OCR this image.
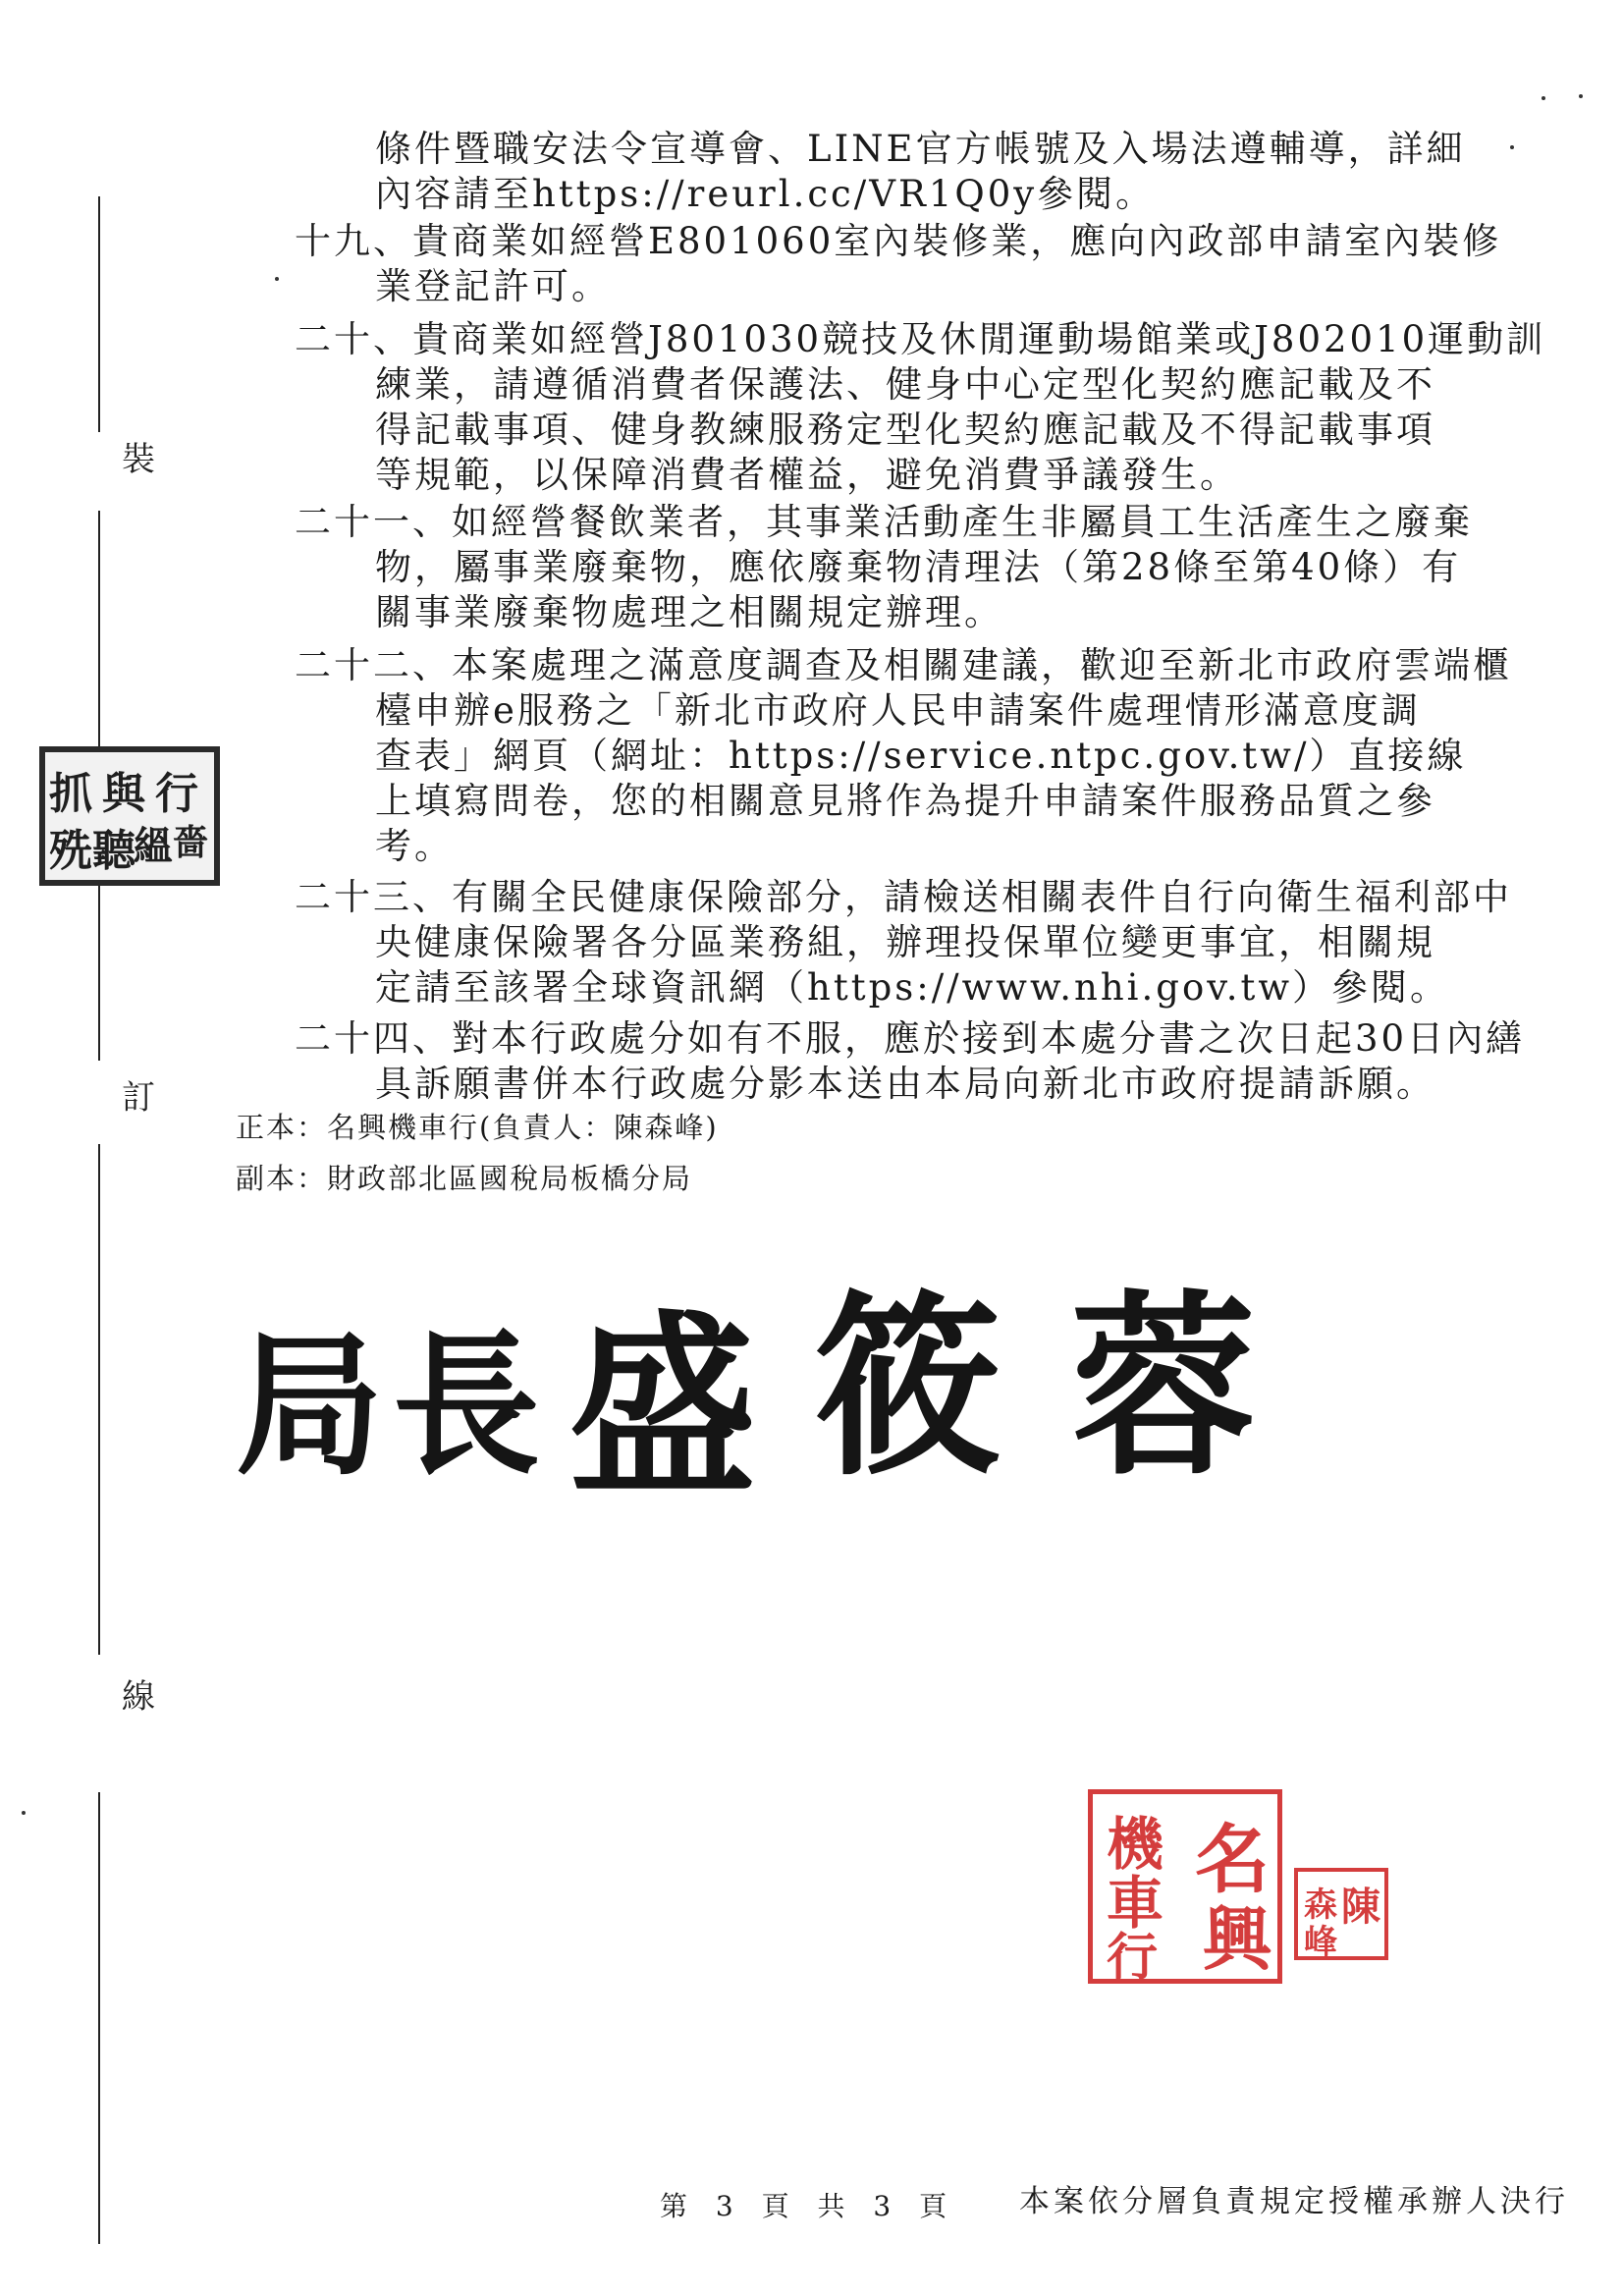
裝
訂
線
條件暨職安法令宣導會、LINE官方帳號及入場法遵輔導，詳細
內容請至https://reurl.cc/VR1Q0y參閱。
十九、貴商業如經營E801060室內裝修業，應向內政部申請室內裝修
業登記許可。
二十、貴商業如經營J801030競技及休閒運動場館業或J802010運動訓
練業，請遵循消費者保護法、健身中心定型化契約應記載及不
得記載事項、健身教練服務定型化契約應記載及不得記載事項
等規範，以保障消費者權益，避免消費爭議發生。
二十一、如經營餐飲業者，其事業活動產生非屬員工生活產生之廢棄
物，屬事業廢棄物，應依廢棄物清理法（第28條至第40條）有
關事業廢棄物處理之相關規定辦理。
二十二、本案處理之滿意度調查及相關建議，歡迎至新北市政府雲端櫃
檯申辦e服務之「新北市政府人民申請案件處理情形滿意度調
查表」網頁（網址：https://service.ntpc.gov.tw/）直接線
上填寫問卷，您的相關意見將作為提升申請案件服務品質之參
考。
二十三、有關全民健康保險部分，請檢送相關表件自行向衛生福利部中
央健康保險署各分區業務組，辦理投保單位變更事宜，相關規
定請至該署全球資訊網（https://www.nhi.gov.tw）參閱。
二十四、對本行政處分如有不服，應於接到本處分書之次日起30日內繕
具訴願書併本行政處分影本送由本局向新北市政府提請訴願。
正本：名興機車行(負責人：陳森峰)
副本：財政部北區國稅局板橋分局
局 長 盛 筱 蓉
抓 與 行
㱡 聽
縕 嗇
名
興
機
車
行
陳
森
峰
第 3 頁 共 3 頁 本案依分層負責規定授權承辦人決行
